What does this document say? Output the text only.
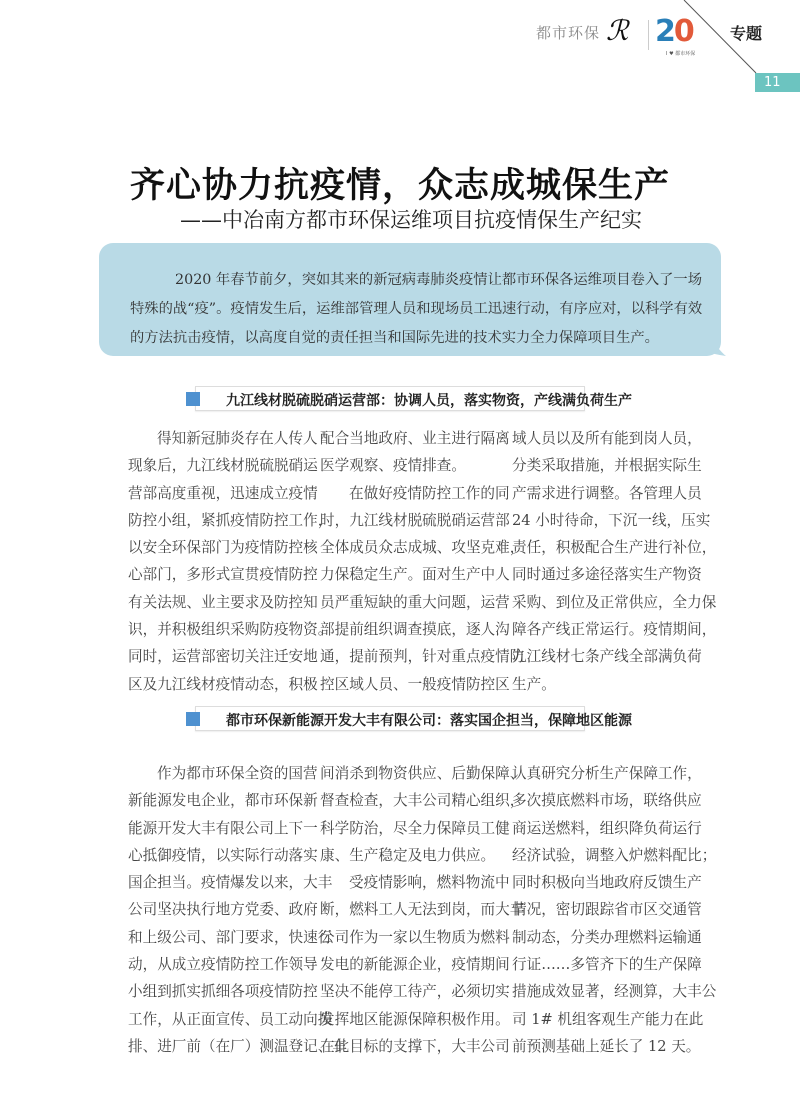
都市环保 ℛ 20
I ♥ 都市环保
专题
11
齐心协力抗疫情，众志成城保生产
——中冶南方都市环保运维项目抗疫情保生产纪实
2020 年春节前夕，突如其来的新冠病毒肺炎疫情让都市环保各运维项目卷入了一场
特殊的战“疫”。疫情发生后，运维部管理人员和现场员工迅速行动，有序应对，以科学有效
的方法抗击疫情，以高度自觉的责任担当和国际先进的技术实力全力保障项目生产。
九江线材脱硫脱硝运营部：协调人员，落实物资，产线满负荷生产
都市环保新能源开发大丰有限公司：落实国企担当，保障地区能源
得知新冠肺炎存在人传人
现象后，九江线材脱硫脱硝运
营部高度重视，迅速成立疫情
防控小组，紧抓疫情防控工作，
以安全环保部门为疫情防控核
心部门，多形式宣贯疫情防控
有关法规、业主要求及防控知
识，并积极组织采购防疫物资。
同时，运营部密切关注迁安地
区及九江线材疫情动态，积极
配合当地政府、业主进行隔离
医学观察、疫情排查。
在做好疫情防控工作的同
时，九江线材脱硫脱硝运营部
全体成员众志成城、攻坚克难，
力保稳定生产。面对生产中人
员严重短缺的重大问题，运营
部提前组织调查摸底，逐人沟
通，提前预判，针对重点疫情防
控区域人员、一般疫情防控区
域人员以及所有能到岗人员，
分类采取措施，并根据实际生
产需求进行调整。各管理人员
24 小时待命，下沉一线，压实
责任，积极配合生产进行补位，
同时通过多途径落实生产物资
采购、到位及正常供应，全力保
障各产线正常运行。疫情期间，
九江线材七条产线全部满负荷
生产。
作为都市环保全资的国营
新能源发电企业，都市环保新
能源开发大丰有限公司上下一
心抵御疫情，以实际行动落实
国企担当。疫情爆发以来，大丰
公司坚决执行地方党委、政府
和上级公司、部门要求，快速行
动，从成立疫情防控工作领导
小组到抓实抓细各项疫情防控
工作，从正面宣传、员工动向摸
排、进厂前（在厂）测温登记、车
间消杀到物资供应、后勤保障、
督查检查，大丰公司精心组织，
科学防治，尽全力保障员工健
康、生产稳定及电力供应。
受疫情影响，燃料物流中
断，燃料工人无法到岗，而大丰
公司作为一家以生物质为燃料
发电的新能源企业，疫情期间
坚决不能停工待产，必须切实
发挥地区能源保障积极作用。
在此目标的支撑下，大丰公司
认真研究分析生产保障工作，
多次摸底燃料市场，联络供应
商运送燃料，组织降负荷运行
经济试验，调整入炉燃料配比；
同时积极向当地政府反馈生产
情况，密切跟踪省市区交通管
制动态，分类办理燃料运输通
行证……多管齐下的生产保障
措施成效显著，经测算，大丰公
司 1# 机组客观生产能力在此
前预测基础上延长了 12 天。
